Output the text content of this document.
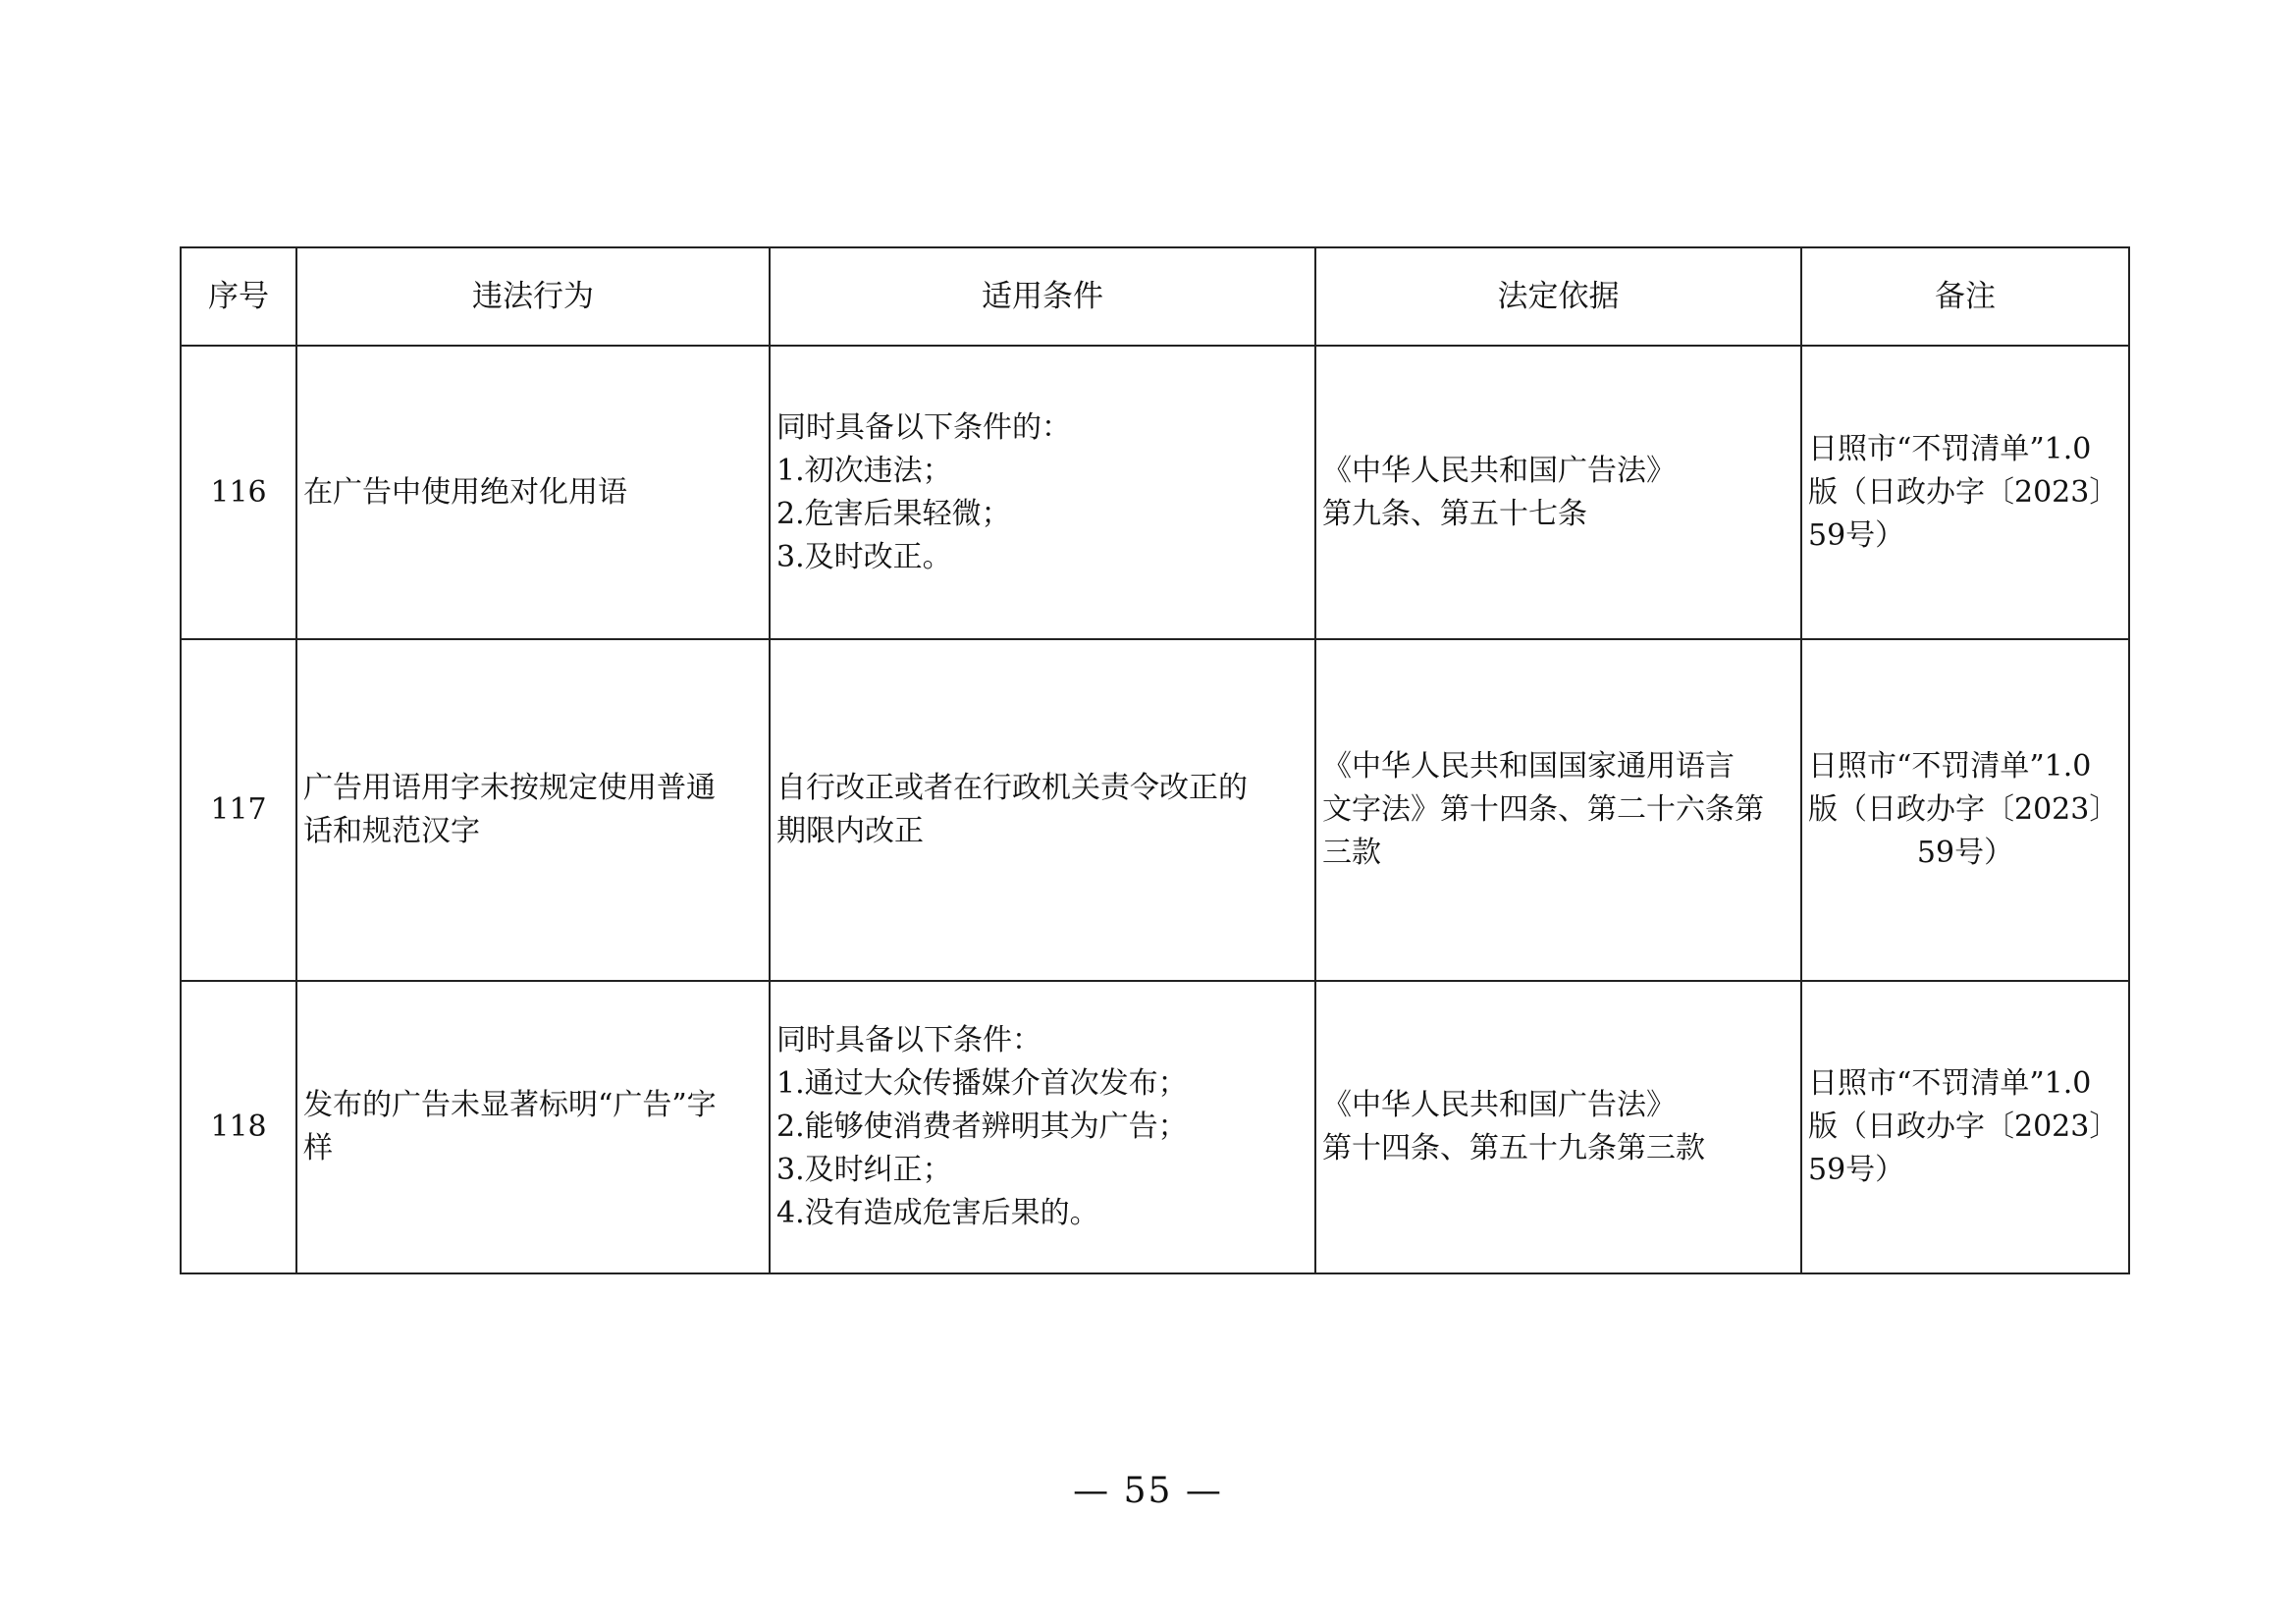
序号	违法行为	适用条件	法定依据	备注
116	在广告中使用绝对化用语	同时具备以下条件的：
1.初次违法；
2.危害后果轻微；
3.及时改正。	《中华人民共和国广告法》
第九条、第五十七条	日照市“不罚清单”1.0
版（日政办字〔2023〕
59号）

117	广告用语用字未按规定使用普通
话和规范汉字	自行改正或者在行政机关责令改正的
期限内改正	《中华人民共和国国家通用语言
文字法》第十四条、第二十六条第
三款	日照市“不罚清单”1.0
版（日政办字〔2023〕
59号）

118	发布的广告未显著标明“广告”字
样	同时具备以下条件：
1.通过大众传播媒介首次发布；
2.能够使消费者辨明其为广告；
3.及时纠正；
4.没有造成危害后果的。	《中华人民共和国广告法》
第十四条、第五十九条第三款	日照市“不罚清单”1.0
版（日政办字〔2023〕
59号）
— 55 —
